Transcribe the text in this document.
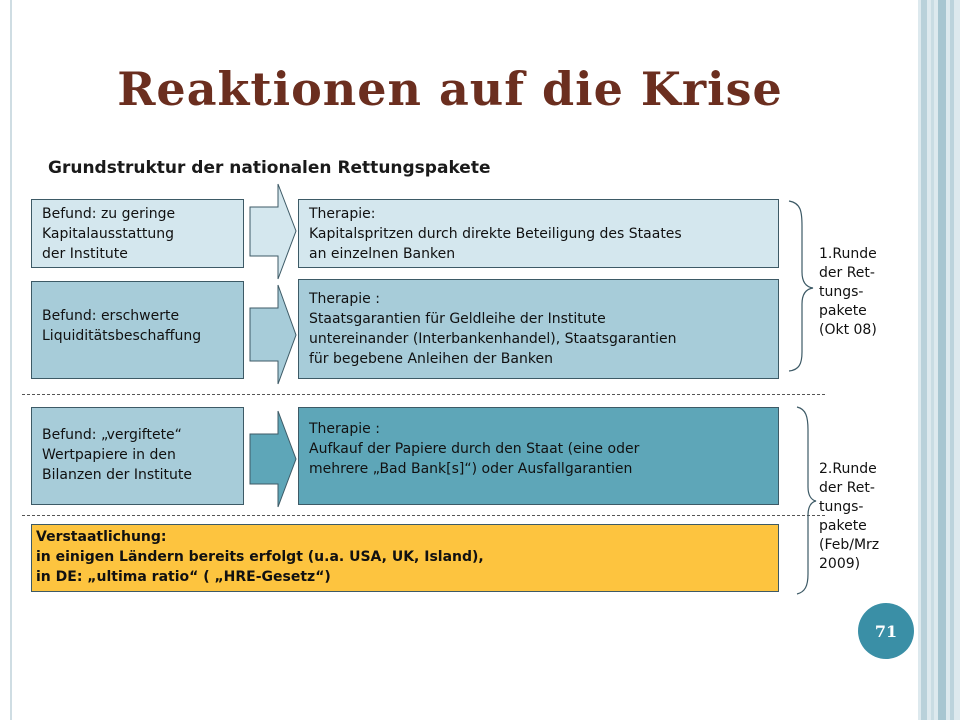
Reaktionen auf die Krise
Grundstruktur der nationalen Rettungspakete
Befund: zu geringe
Kapitalausstattung
der Institute
Befund: erschwerte
Liquiditätsbeschaffung
Befund: „vergiftete“
Wertpapiere in den
Bilanzen der Institute
Therapie:
Kapitalspritzen durch direkte Beteiligung des Staates
an einzelnen Banken
Therapie :
Staatsgarantien für Geldleihe der Institute
untereinander (Interbankenhandel), Staatsgarantien
für begebene Anleihen der Banken
Therapie :
Aufkauf der Papiere durch den Staat (eine oder
mehrere „Bad Bank[s]“) oder Ausfallgarantien
Verstaatlichung:
in einigen Ländern bereits erfolgt (u.a. USA, UK, Island),
in DE: „ultima ratio“ ( „HRE-Gesetz“)
1.Runde
der Ret-
tungs-
pakete
(Okt 08)
2.Runde
der Ret-
tungs-
pakete
(Feb/Mrz
2009)
71
